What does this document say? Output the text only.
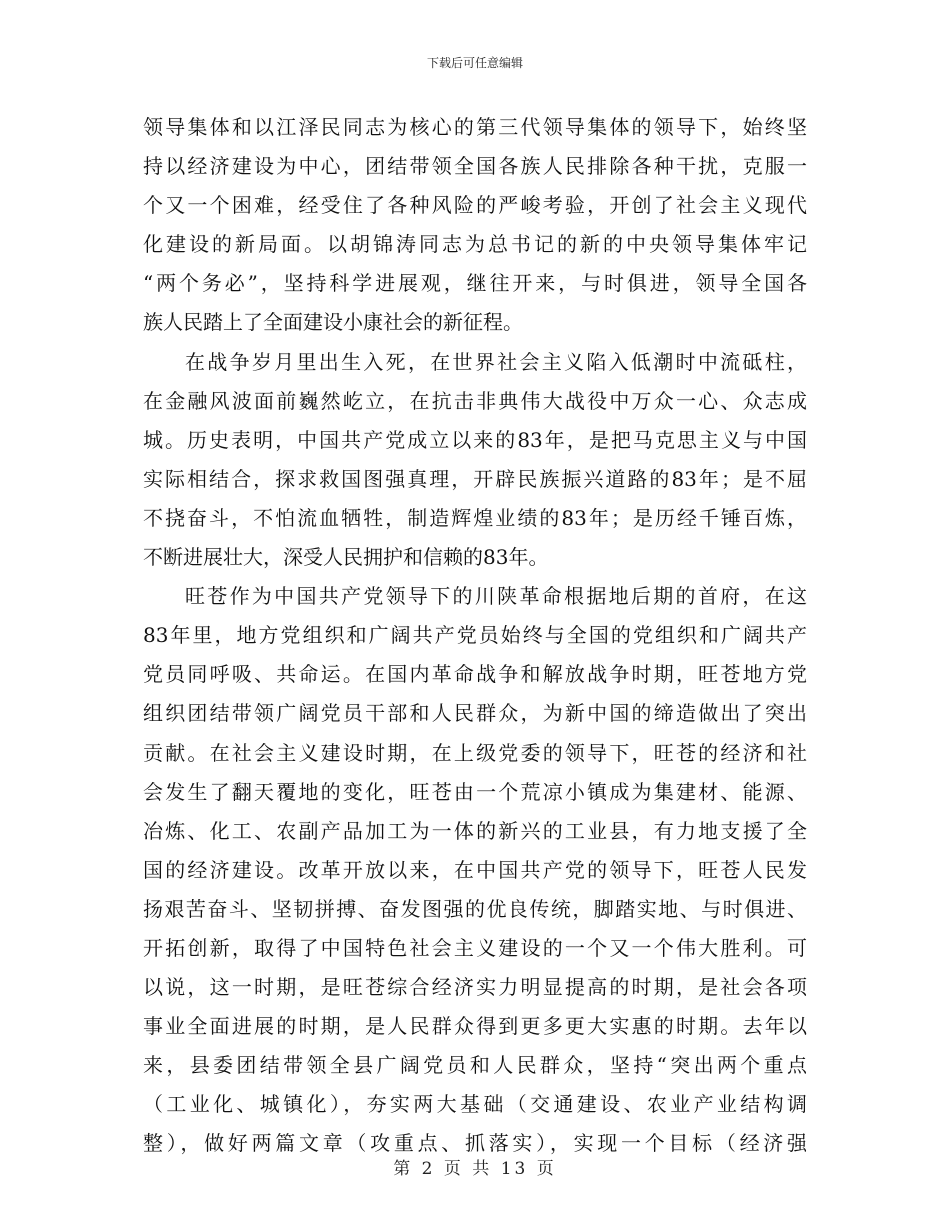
下载后可任意编辑
领导集体和以江泽民同志为核心的第三代领导集体的领导下，始终坚
持以经济建设为中心，团结带领全国各族人民排除各种干扰，克服一
个又一个困难，经受住了各种风险的严峻考验，开创了社会主义现代
化建设的新局面。以胡锦涛同志为总书记的新的中央领导集体牢记
“两个务必”，坚持科学进展观，继往开来，与时俱进，领导全国各
族人民踏上了全面建设小康社会的新征程。
在战争岁月里出生入死，在世界社会主义陷入低潮时中流砥柱，
在金融风波面前巍然屹立，在抗击非典伟大战役中万众一心、众志成
城。历史表明，中国共产党成立以来的83年，是把马克思主义与中国
实际相结合，探求救国图强真理，开辟民族振兴道路的83年；是不屈
不挠奋斗，不怕流血牺牲，制造辉煌业绩的83年；是历经千锤百炼，
不断进展壮大，深受人民拥护和信赖的83年。
旺苍作为中国共产党领导下的川陕革命根据地后期的首府，在这
83年里，地方党组织和广阔共产党员始终与全国的党组织和广阔共产
党员同呼吸、共命运。在国内革命战争和解放战争时期，旺苍地方党
组织团结带领广阔党员干部和人民群众，为新中国的缔造做出了突出
贡献。在社会主义建设时期，在上级党委的领导下，旺苍的经济和社
会发生了翻天覆地的变化，旺苍由一个荒凉小镇成为集建材、能源、
冶炼、化工、农副产品加工为一体的新兴的工业县，有力地支援了全
国的经济建设。改革开放以来，在中国共产党的领导下，旺苍人民发
扬艰苦奋斗、坚韧拼搏、奋发图强的优良传统，脚踏实地、与时俱进、
开拓创新，取得了中国特色社会主义建设的一个又一个伟大胜利。可
以说，这一时期，是旺苍综合经济实力明显提高的时期，是社会各项
事业全面进展的时期，是人民群众得到更多更大实惠的时期。去年以
来，县委团结带领全县广阔党员和人民群众，坚持“突出两个重点
（工业化、城镇化），夯实两大基础（交通建设、农业产业结构调
整），做好两篇文章（攻重点、抓落实），实现一个目标（经济强
第 2 页 共 13 页
